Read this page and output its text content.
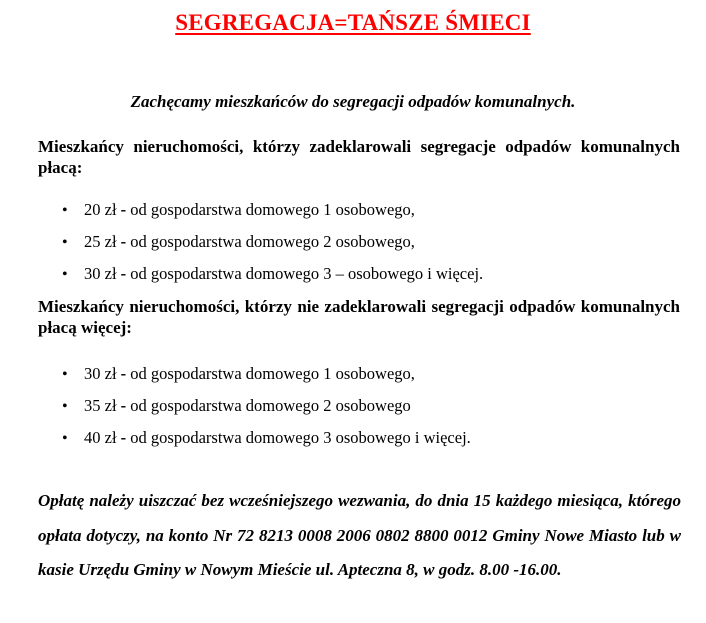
SEGREGACJA=TAŃSZE ŚMIECI
Zachęcamy mieszkańców do segregacji odpadów komunalnych.
Mieszkańcy nieruchomości, którzy zadeklarowali segregacje odpadów komunalnych płacą:
• 20 zł - od gospodarstwa domowego 1 osobowego,
• 25 zł - od gospodarstwa domowego 2 osobowego,
• 30 zł - od gospodarstwa domowego 3 – osobowego i więcej.
Mieszkańcy nieruchomości, którzy nie zadeklarowali segregacji odpadów komunalnych płacą więcej:
• 30 zł - od gospodarstwa domowego 1 osobowego,
• 35 zł - od gospodarstwa domowego 2 osobowego
• 40 zł - od gospodarstwa domowego 3 osobowego i więcej.
Opłatę należy uiszczać bez wcześniejszego wezwania, do dnia 15 każdego miesiąca, którego opłata dotyczy, na konto Nr 72 8213 0008 2006 0802 8800 0012 Gminy Nowe Miasto lub w kasie Urzędu Gminy w Nowym Mieście ul. Apteczna 8, w godz. 8.00 -16.00.
